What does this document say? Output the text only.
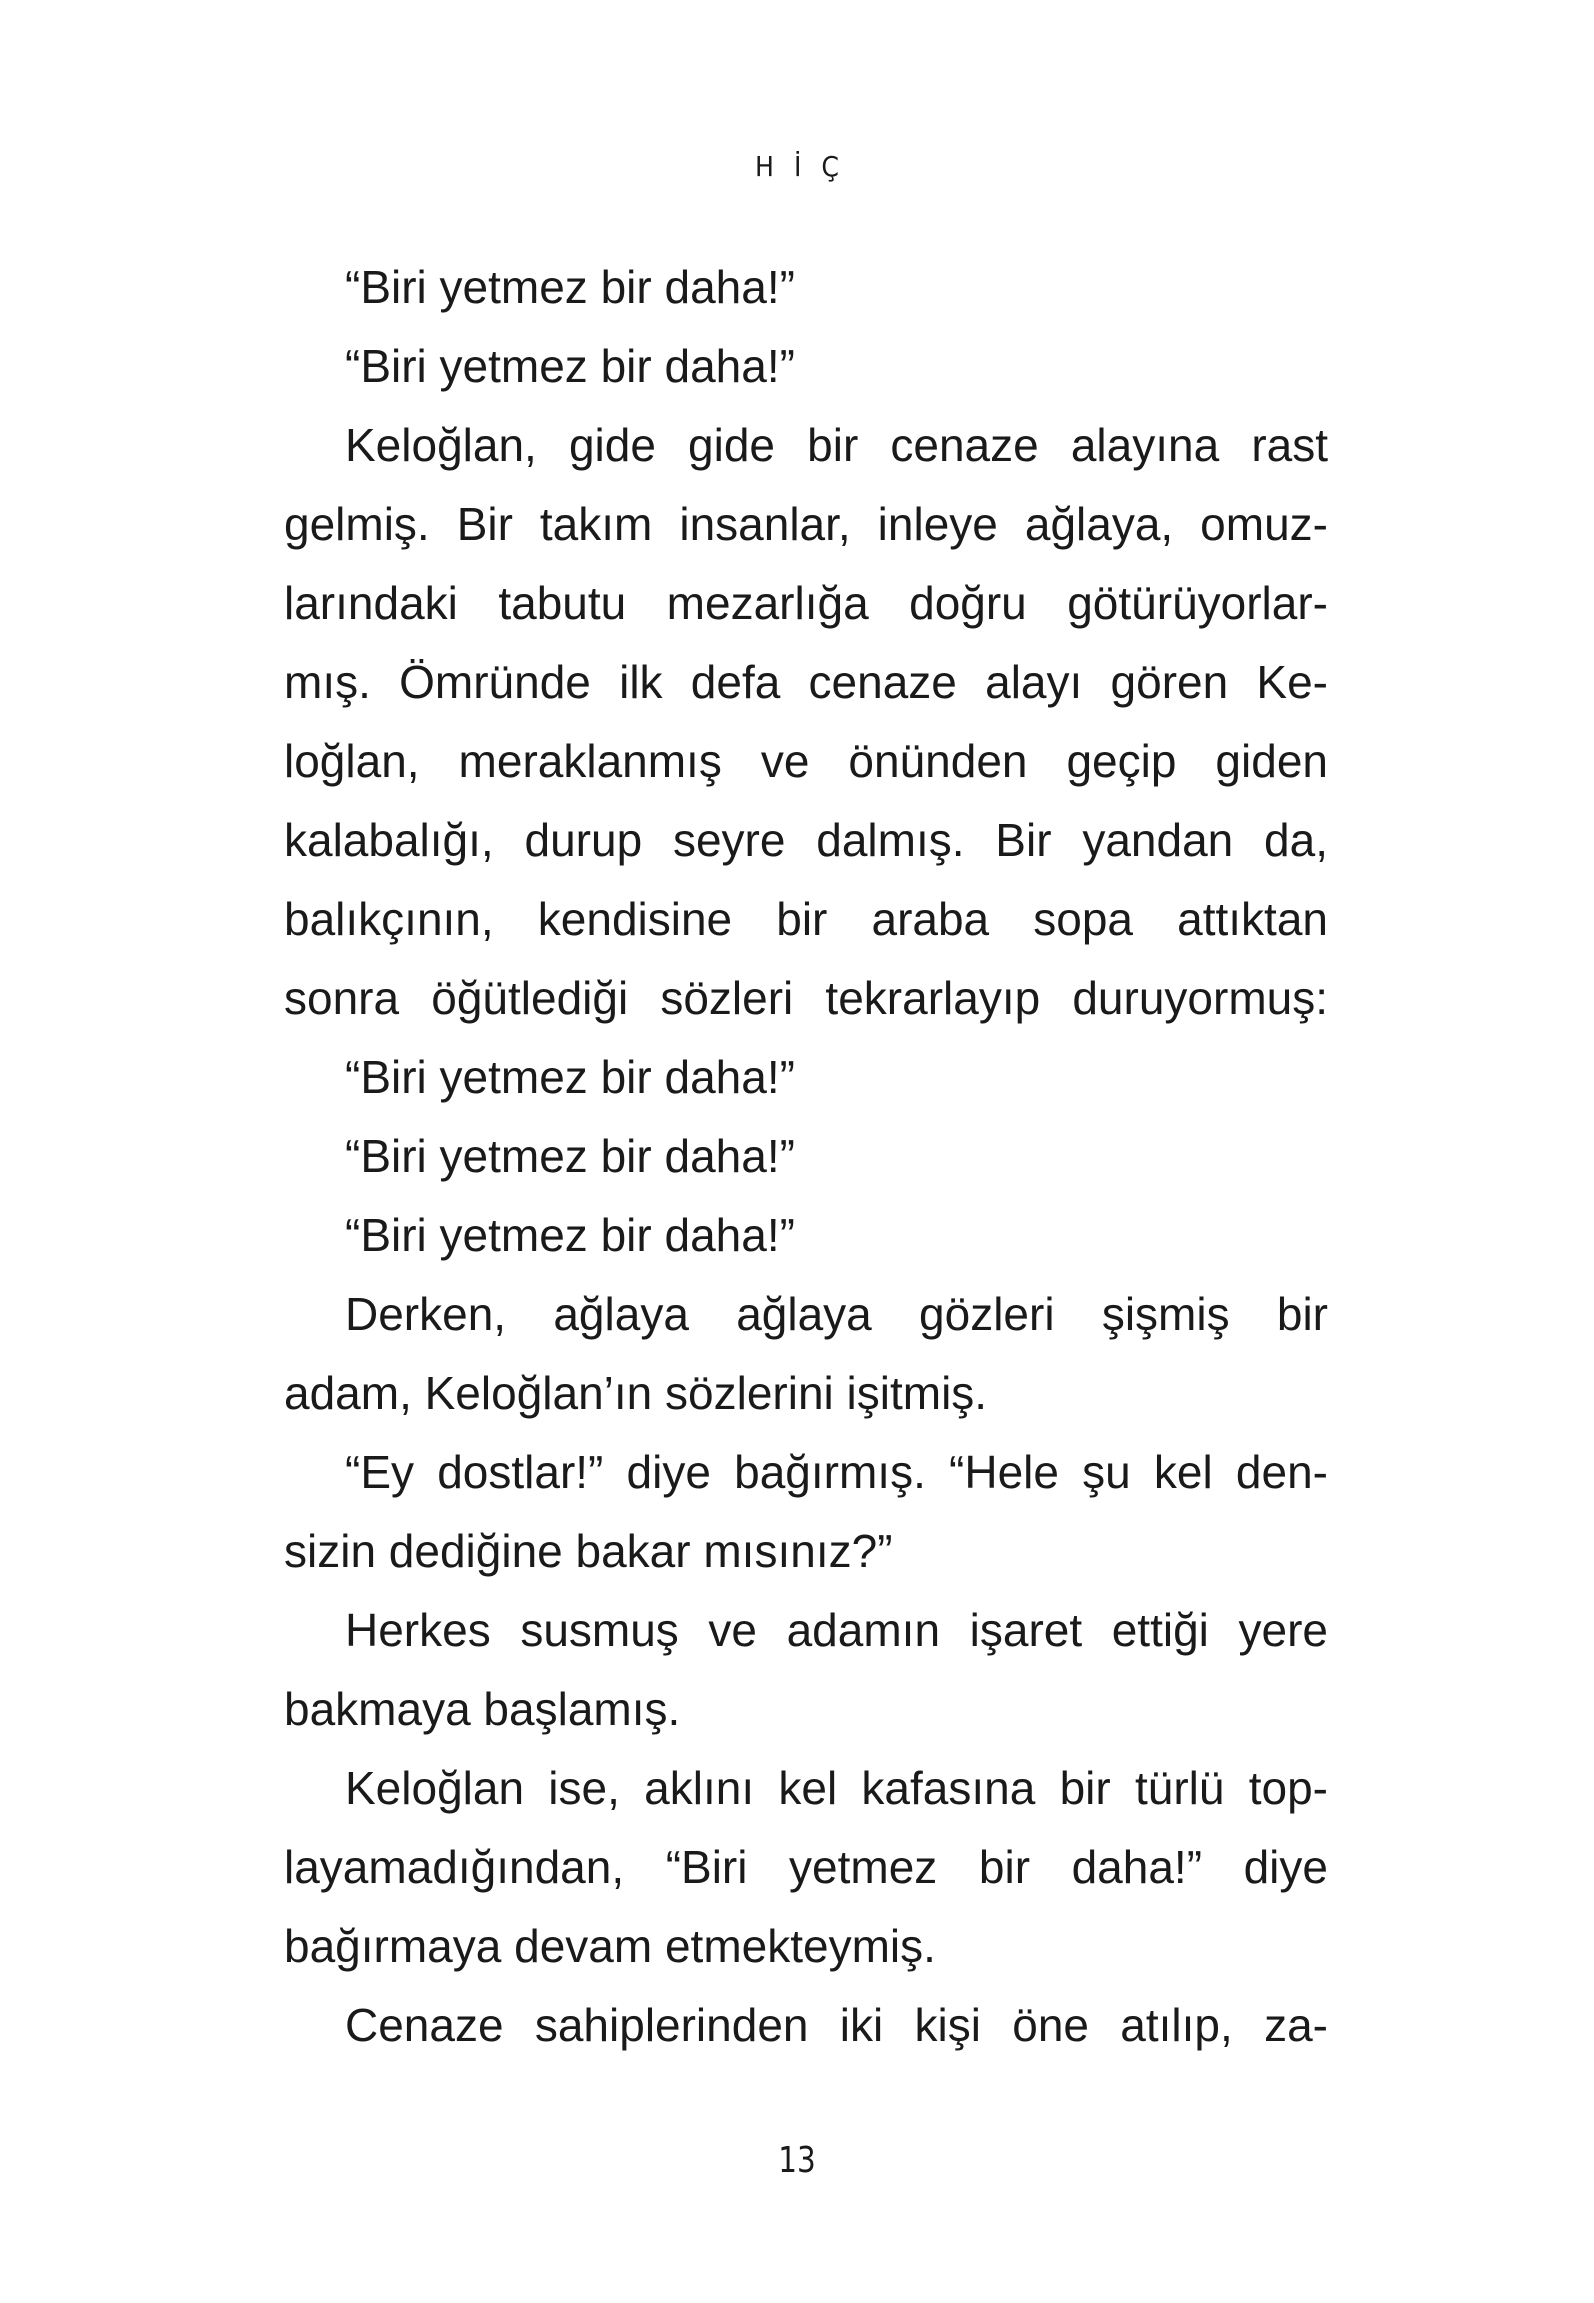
HİÇ

“Biri yetmez bir daha!”

“Biri yetmez bir daha!”

Keloğlan, gide gide bir cenaze alayına rast
gelmiş. Bir takım insanlar, inleye ağlaya, omuz-
larındaki tabutu mezarlığa doğru götürüyorlar-
mış. Ömründe ilk defa cenaze alayı gören Ke-
loğlan, meraklanmış ve önünden geçip giden
kalabalığı, durup seyre dalmış. Bir yandan da,
balıkçının, kendisine bir araba sopa attıktan
sonra öğütlediği sözleri tekrarlayıp duruyormuş:

“Biri yetmez bir daha!”

“Biri yetmez bir daha!”

“Biri yetmez bir daha!”

Derken, ağlaya ağlaya gözleri şişmiş bir
adam, Keloğlan’ın sözlerini işitmiş.

“Ey dostlar!” diye bağırmış. “Hele şu kel den-
sizin dediğine bakar mısınız?”

Herkes susmuş ve adamın işaret ettiği yere
bakmaya başlamış.

Keloğlan ise, aklını kel kafasına bir türlü top-
layamadığından, “Biri yetmez bir daha!” diye
bağırmaya devam etmekteymiş.

Cenaze sahiplerinden iki kişi öne atılıp, za-

13
